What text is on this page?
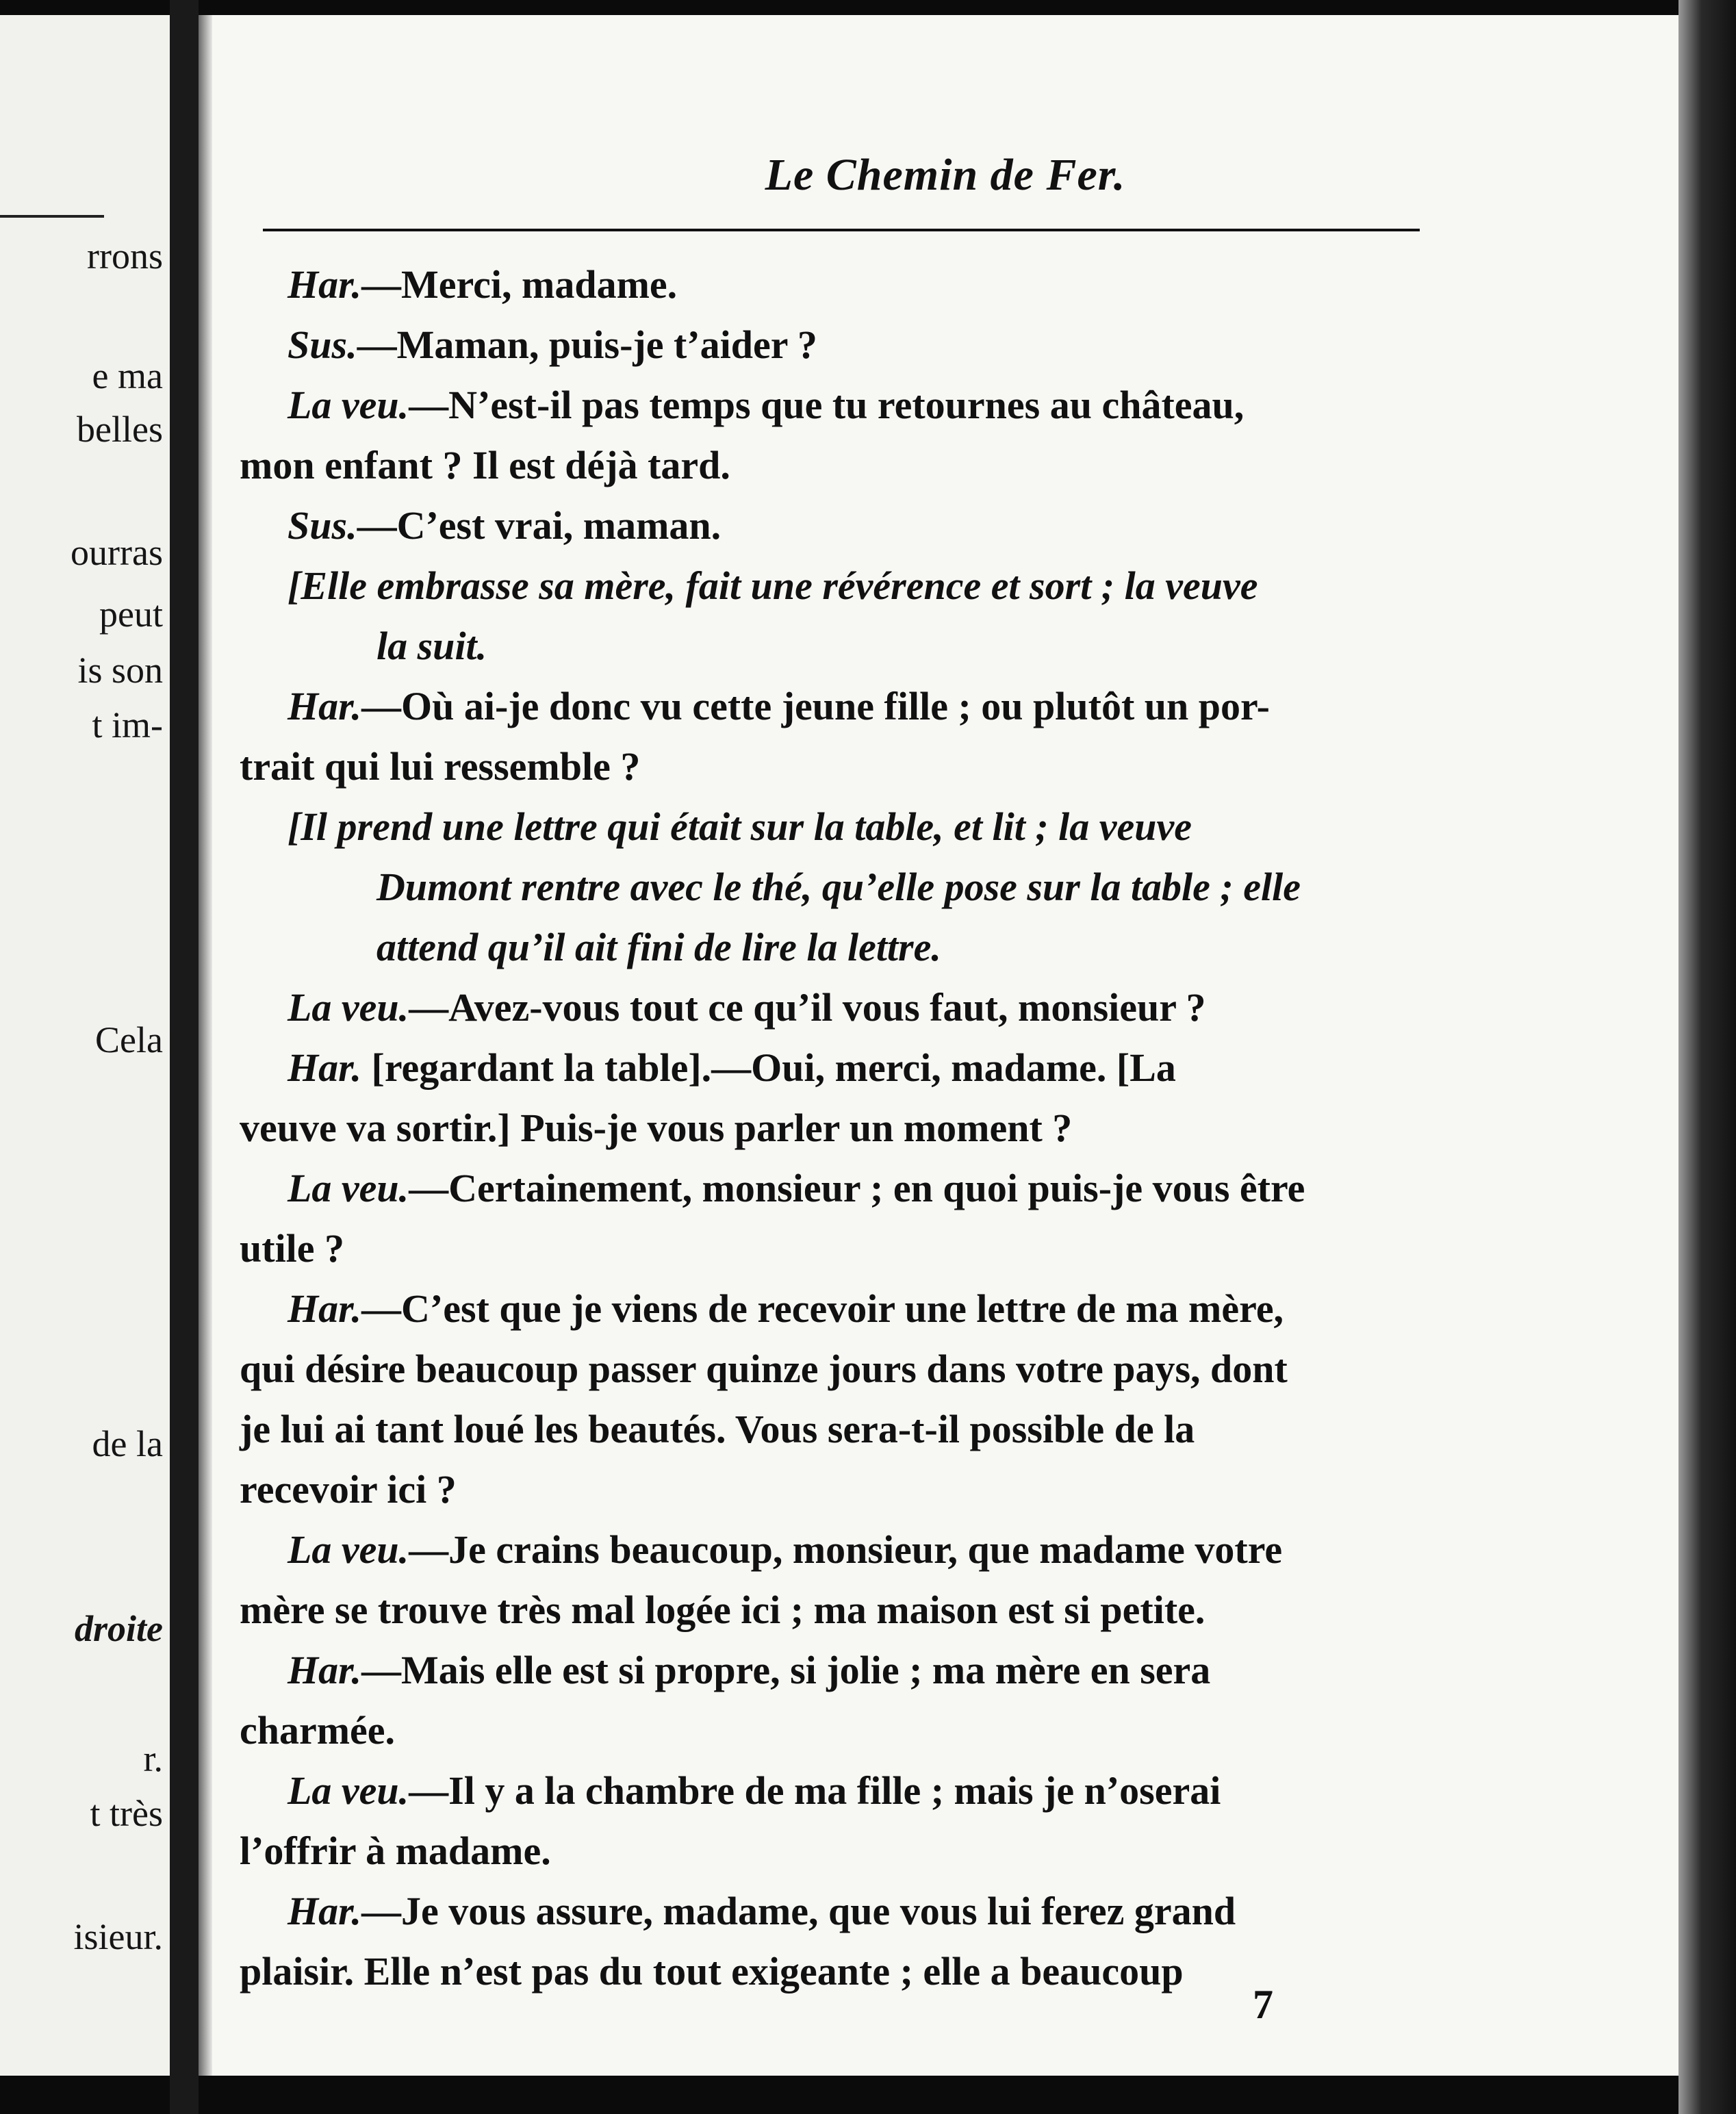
rrons
e ma
belles
ourras
peut
is son
t im-
Cela
de la
droite
r.
t très
isieur.
Le Chemin de Fer.
Har.—Merci, madame.
Sus.—Maman, puis-je t’aider ?
La veu.—N’est-il pas temps que tu retournes au château,
mon enfant ? Il est déjà tard.
Sus.—C’est vrai, maman.
[Elle embrasse sa mère, fait une révérence et sort ; la veuve
la suit.
Har.—Où ai-je donc vu cette jeune fille ; ou plutôt un por-
trait qui lui ressemble ?
[Il prend une lettre qui était sur la table, et lit ; la veuve
Dumont rentre avec le thé, qu’elle pose sur la table ; elle
attend qu’il ait fini de lire la lettre.
La veu.—Avez-vous tout ce qu’il vous faut, monsieur ?
Har. [regardant la table].—Oui, merci, madame. [La
veuve va sortir.] Puis-je vous parler un moment ?
La veu.—Certainement, monsieur ; en quoi puis-je vous être
utile ?
Har.—C’est que je viens de recevoir une lettre de ma mère,
qui désire beaucoup passer quinze jours dans votre pays, dont
je lui ai tant loué les beautés. Vous sera-t-il possible de la
recevoir ici ?
La veu.—Je crains beaucoup, monsieur, que madame votre
mère se trouve très mal logée ici ; ma maison est si petite.
Har.—Mais elle est si propre, si jolie ; ma mère en sera
charmée.
La veu.—Il y a la chambre de ma fille ; mais je n’oserai
l’offrir à madame.
Har.—Je vous assure, madame, que vous lui ferez grand
plaisir. Elle n’est pas du tout exigeante ; elle a beaucoup
7
